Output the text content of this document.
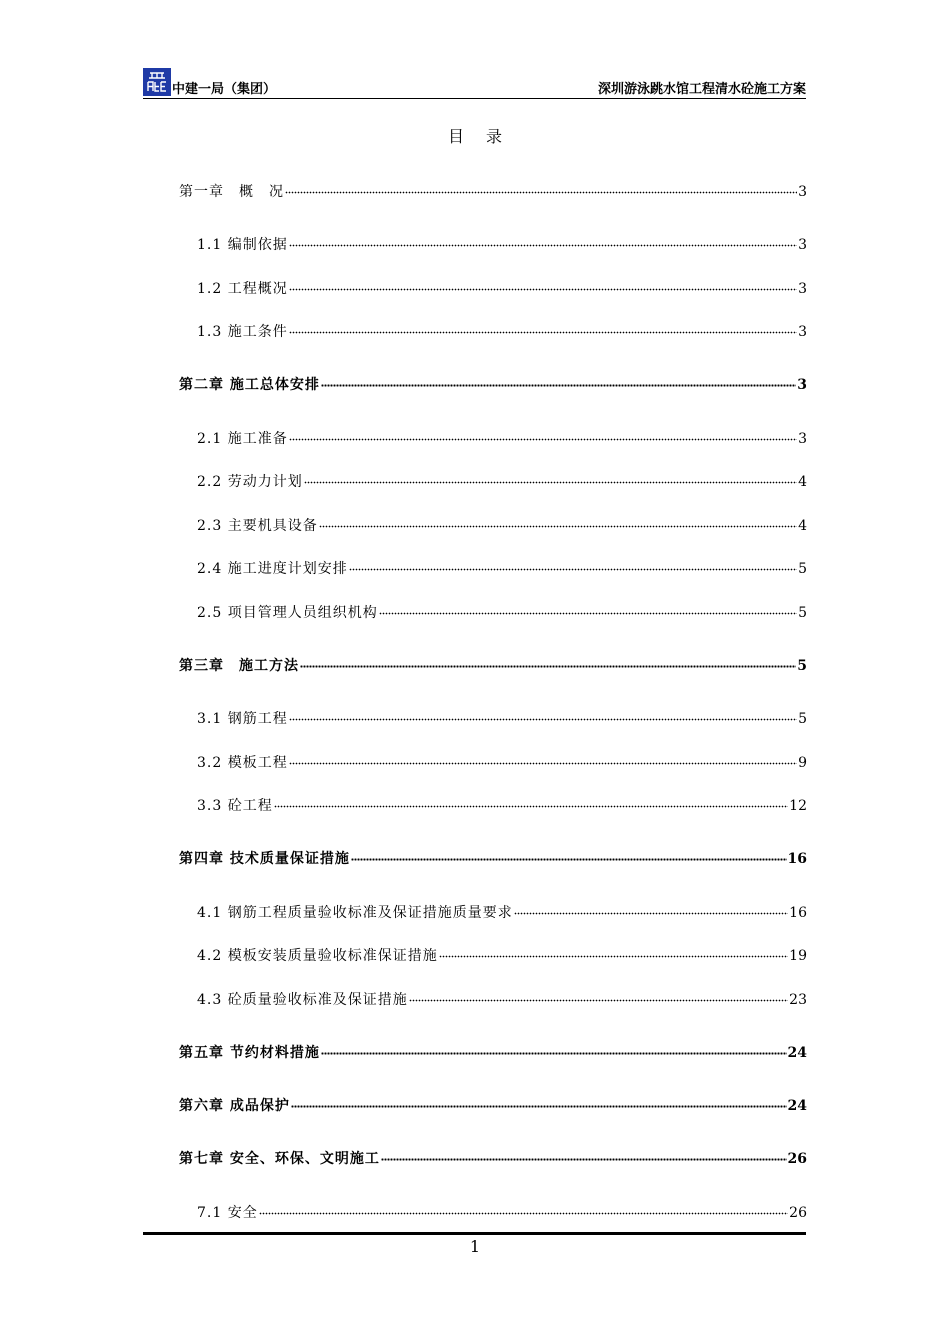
中建一局（集团）	深圳游泳跳水馆工程清水砼施工方案
目录
第一章　概　况	3
1.1 编制依据	3
1.2 工程概况	3
1.3 施工条件	3
第二章 施工总体安排	3
2.1 施工准备	3
2.2 劳动力计划	4
2.3 主要机具设备	4
2.4 施工进度计划安排	5
2.5 项目管理人员组织机构	5
第三章　施工方法	5
3.1 钢筋工程	5
3.2 模板工程	9
3.3 砼工程	12
第四章 技术质量保证措施	16
4.1 钢筋工程质量验收标准及保证措施质量要求	16
4.2 模板安装质量验收标准保证措施	19
4.3 砼质量验收标准及保证措施	23
第五章 节约材料措施	24
第六章 成品保护	24
第七章 安全、环保、文明施工	26
7.1 安全	26
1
